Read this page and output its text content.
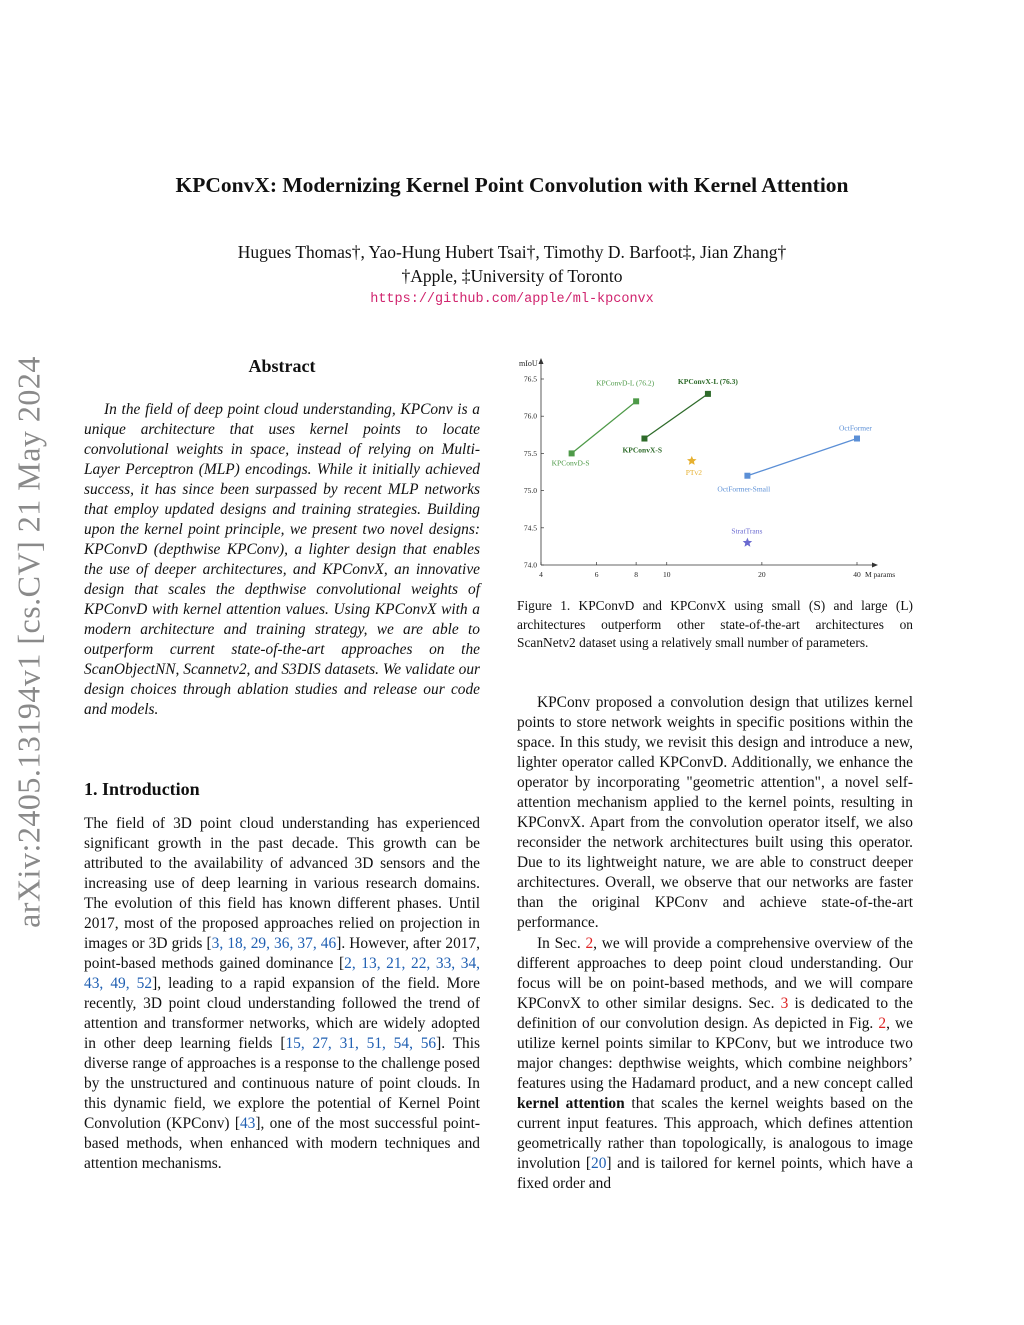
KPConvX: Modernizing Kernel Point Convolution with Kernel Attention
Hugues Thomas†, Yao-Hung Hubert Tsai†, Timothy D. Barfoot‡, Jian Zhang†
†Apple, ‡University of Toronto
https://github.com/apple/ml-kpconvx
arXiv:2405.13194v1 [cs.CV] 21 May 2024	Abstract

In the field of deep point cloud understanding, KPConv is a unique architecture that uses kernel points to locate convolutional weights in space, instead of relying on Multi-Layer Perceptron (MLP) encodings. While it initially achieved success, it has since been surpassed by recent MLP networks that employ updated designs and training strategies. Building upon the kernel point principle, we present two novel designs: KPConvD (depthwise KPConv), a lighter design that enables the use of deeper architectures, and KPConvX, an innovative design that scales the depthwise convolutional weights of KPConvD with kernel attention values. Using KPConvX with a modern architecture and training strategy, we are able to outperform current state-of-the-art approaches on the ScanObjectNN, Scannetv2, and S3DIS datasets. We validate our design choices through ablation studies and release our code and models.

1. Introduction

The field of 3D point cloud understanding has experienced significant growth in the past decade. This growth can be attributed to the availability of advanced 3D sensors and the increasing use of deep learning in various research domains. The evolution of this field has known different phases. Until 2017, most of the proposed approaches relied on projection in images or 3D grids [3, 18, 29, 36, 37, 46]. However, after 2017, point-based methods gained dominance [2, 13, 21, 22, 33, 34, 43, 49, 52], leading to a rapid expansion of the field. More recently, 3D point cloud understanding followed the trend of attention and transformer networks, which are widely adopted in other deep learning fields [15, 27, 31, 51, 54, 56]. This diverse range of approaches is a response to the challenge posed by the unstructured and continuous nature of point clouds. In this dynamic field, we explore the potential of Kernel Point Convolution (KPConv) [43], one of the most successful point-based methods, when enhanced with modern techniques and attention mechanisms.

mIoU
M params
4	6	8	10	20	40
74.0
74.5
75.0
75.5
76.0
76.5
KPConvD-S
KPConvD-L (76.2)
KPConvX-S
KPConvX-L (76.3)
OctFormer-Small
OctFormer
PTv2
StratTrans
Figure 1. KPConvD and KPConvX using small (S) and large (L) architectures outperform other state-of-the-art architectures on ScanNetv2 dataset using a relatively small number of parameters.

KPConv proposed a convolution design that utilizes kernel points to store network weights in specific positions within the space. In this study, we revisit this design and introduce a new, lighter operator called KPConvD. Additionally, we enhance the operator by incorporating "geometric attention", a novel self-attention mechanism applied to the kernel points, resulting in KPConvX. Apart from the convolution operator itself, we also reconsider the network architectures built using this operator. Due to its lightweight nature, we are able to construct deeper architectures. Overall, we observe that our networks are faster than the original KPConv and achieve state-of-the-art performance.

In Sec. 2, we will provide a comprehensive overview of the different approaches to deep point cloud understanding. Our focus will be on point-based methods, and we will compare KPConvX to other similar designs. Sec. 3 is dedicated to the definition of our convolution design. As depicted in Fig. 2, we utilize kernel points similar to KPConv, but we introduce two major changes: depthwise weights, which combine neighbors’ features using the Hadamard product, and a new concept called kernel attention that scales the kernel weights based on the current input features. This approach, which defines attention geometrically rather than topologically, is analogous to image involution [20] and is tailored for kernel points, which have a fixed order and
